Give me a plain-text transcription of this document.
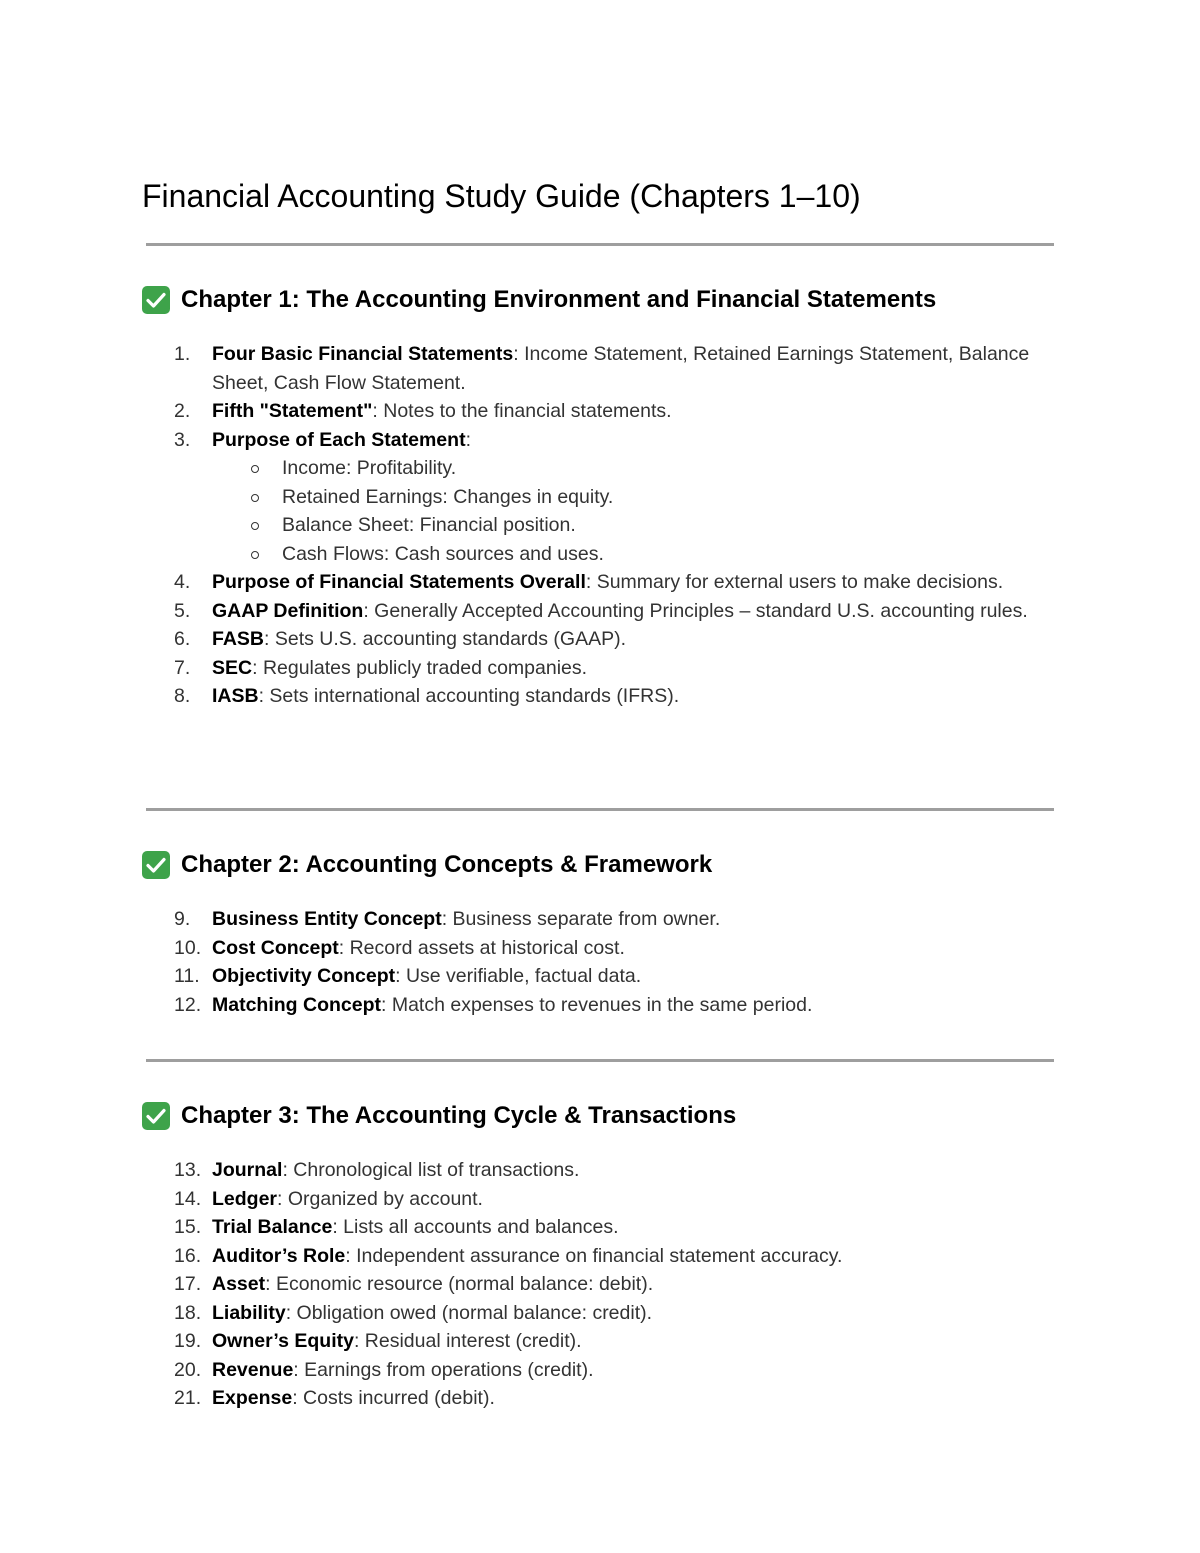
Financial Accounting Study Guide (Chapters 1–10)
Chapter 1: The Accounting Environment and Financial Statements
1.	Four Basic Financial Statements: Income Statement, Retained Earnings Statement, Balance Sheet, Cash Flow Statement.
2.	Fifth "Statement": Notes to the financial statements.
3.	Purpose of Each Statement:
Income: Profitability.
Retained Earnings: Changes in equity.
Balance Sheet: Financial position.
Cash Flows: Cash sources and uses.
4.	Purpose of Financial Statements Overall: Summary for external users to make decisions.
5.	GAAP Definition: Generally Accepted Accounting Principles – standard U.S. accounting rules.
6.	FASB: Sets U.S. accounting standards (GAAP).
7.	SEC: Regulates publicly traded companies.
8.	IASB: Sets international accounting standards (IFRS).
Chapter 2: Accounting Concepts & Framework
9.	Business Entity Concept: Business separate from owner.
10. Cost Concept: Record assets at historical cost.
11. Objectivity Concept: Use verifiable, factual data.
12. Matching Concept: Match expenses to revenues in the same period.
Chapter 3: The Accounting Cycle & Transactions
13. Journal: Chronological list of transactions.
14. Ledger: Organized by account.
15. Trial Balance: Lists all accounts and balances.
16. Auditor’s Role: Independent assurance on financial statement accuracy.
17. Asset: Economic resource (normal balance: debit).
18. Liability: Obligation owed (normal balance: credit).
19. Owner’s Equity: Residual interest (credit).
20. Revenue: Earnings from operations (credit).
21. Expense: Costs incurred (debit).
